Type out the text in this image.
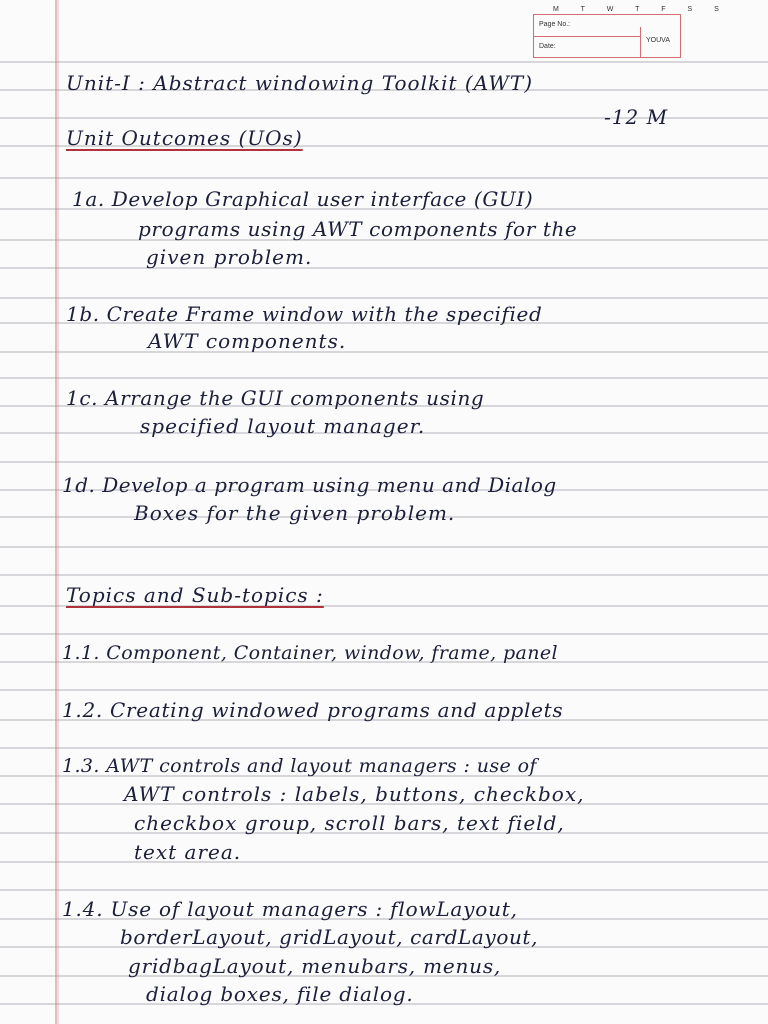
M T W T F S S
Page No.:
Date:
YOUVA
Unit-I : Abstract windowing Toolkit (AWT)
-12 M
Unit Outcomes (UOs)
1a. Develop Graphical user interface (GUI)
programs using AWT components for the
given problem.
1b. Create Frame window with the specified
AWT components.
1c. Arrange the GUI components using
specified layout manager.
1d. Develop a program using menu and Dialog
Boxes for the given problem.
Topics and Sub-topics :
1.1. Component, Container, window, frame, panel
1.2. Creating windowed programs and applets
1.3. AWT controls and layout managers : use of
AWT controls : labels, buttons, checkbox,
checkbox group, scroll bars, text field,
text area.
1.4. Use of layout managers : flowLayout,
borderLayout, gridLayout, cardLayout,
gridbagLayout, menubars, menus,
dialog boxes, file dialog.
